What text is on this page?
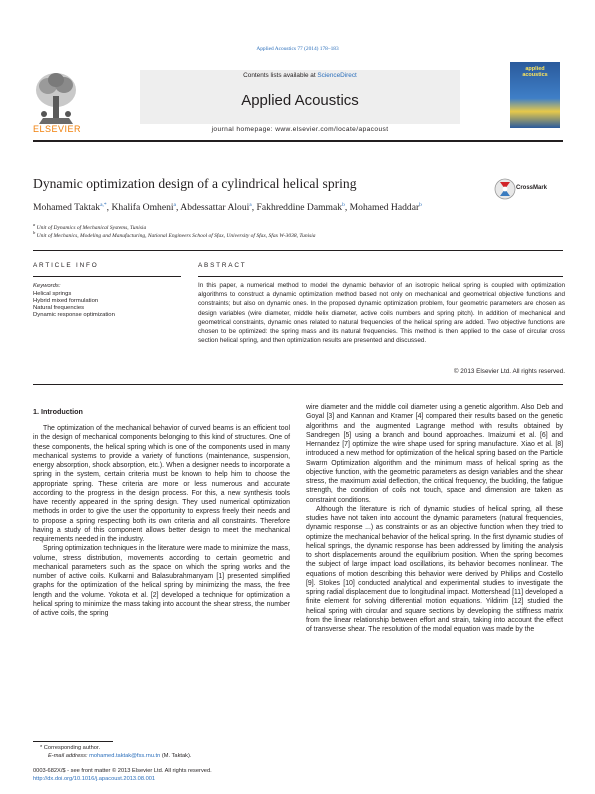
Applied Acoustics 77 (2014) 178–183
ELSEVIER
Contents lists available at ScienceDirect
Applied Acoustics
journal homepage: www.elsevier.com/locate/apacoust
applied acoustics
Dynamic optimization design of a cylindrical helical spring	CrossMark
Mohamed Taktak$^{a,*}$, Khalifa Omheni$^a$, Abdessattar Aloui$^a$, Fakhreddine Dammak$^b$, Mohamed Haddar$^b$
$^a$ Unit of Dynamics of Mechanical Systems, Tunisia
$^b$ Unit of Mechanics, Modeling and Manufacturing, National Engineers School of Sfax, University of Sfax, Sfax W-3038, Tunisia
ARTICLE INFO	ABSTRACT
Keywords:
Helical springs
Hybrid mixed formulation
Natural frequencies
Dynamic response optimization
In this paper, a numerical method to model the dynamic behavior of an isotropic helical spring is coupled with optimization algorithms to construct a dynamic optimization method based not only on mechanical and geometrical objective functions and constraints; but also on dynamic ones. In the proposed dynamic optimization problem, four geometric parameters are chosen as design variables (wire diameter, middle helix diameter, active coils numbers and spring pitch). In addition of mechanical and geometrical constraints, dynamic ones related to natural frequencies of the helical spring are added. Two objective functions are chosen to be optimized: the spring mass and its natural frequencies. This method is then applied to the case of circular cross section helical spring, and then optimization results are presented and discussed.
© 2013 Elsevier Ltd. All rights reserved.
1. Introduction

The optimization of the mechanical behavior of curved beams is an efficient tool in the design of mechanical components belonging to this kind of structures. One of these components, the helical spring which is one of the components used in many mechanical systems to provide a variety of functions (maintenance, suspension, energy absorption, shock absorption, etc.). When a designer needs to incorporate a spring in the system, certain criteria must be known to help him to choose the appropriate spring. These criteria are more or less numerous and accurate according to the progress in the design process. For this, a new synthesis tools have recently appeared in the spring design. They used numerical optimization methods in order to give the user the opportunity to express freely their needs and to propose a spring respecting both its own criteria and all constraints. Therefore having a study of this component allows better design to meet the mechanical requirements needed in the industry.

Spring optimization techniques in the literature were made to minimize the mass, volume, stress distribution, movements according to certain geometric and mechanical parameters such as the space on which the spring works and the number of active coils. Kulkarni and Balasubrahmanyam [1] presented simplified graphs for the optimization of the helical spring by minimizing the mass, the free length and the volume. Yokota et al. [2] developed a technique for optimization a helical spring to minimize the mass taking into account the shear stress, the number of active coils, the spring

wire diameter and the middle coil diameter using a genetic algorithm. Also Deb and Goyal [3] and Kannan and Kramer [4] compared their results based on the genetic algorithms and the augmented Lagrange method with results obtained by Sandregen [5] using a branch and bound approaches. Imaizumi et al. [6] and Hernandez [7] optimize the wire shape used for spring manufacture. Xiao et al. [8] introduced a new method for optimization of the helical spring based on the Particle Swarm Optimization algorithm and the minimum mass of helical spring as the objective function, with the geometric parameters as design variables and the shear stress, the maximum axial deflection, the critical frequency, the buckling, the fatigue strength, the condition of coils not touch, space and dimension are taken as constraint conditions.

Although the literature is rich of dynamic studies of helical spring, all these studies have not taken into account the dynamic parameters (natural frequencies, dynamic response ...) as constraints or as an objective function when they tried to optimize the mechanical behavior of the helical spring. In the first dynamic studies of helical springs, the dynamic response has been addressed by limiting the analysis to short displacements around the equilibrium position. When the spring becomes the subject of large impact load oscillations, its behavior becomes nonlinear. The equations of motion describing this behavior were derived by Philips and Costello [9]. Stokes [10] conducted analytical and experimental studies to investigate the spring radial displacement due to longitudinal impact. Mottershead [11] developed a finite element for solving differential motion equations. Yildirim [12] studied the helical spring with circular and square sections by developing the stiffness matrix from the linear relationship between effort and strain, taking into account the effect of transverse shear. The resolution of the modal equation was made by the

* Corresponding author.
E-mail address: mohamed.taktak@fss.rnu.tn (M. Taktak).
0003-682X/$ - see front matter © 2013 Elsevier Ltd. All rights reserved.
http://dx.doi.org/10.1016/j.apacoust.2013.08.001
